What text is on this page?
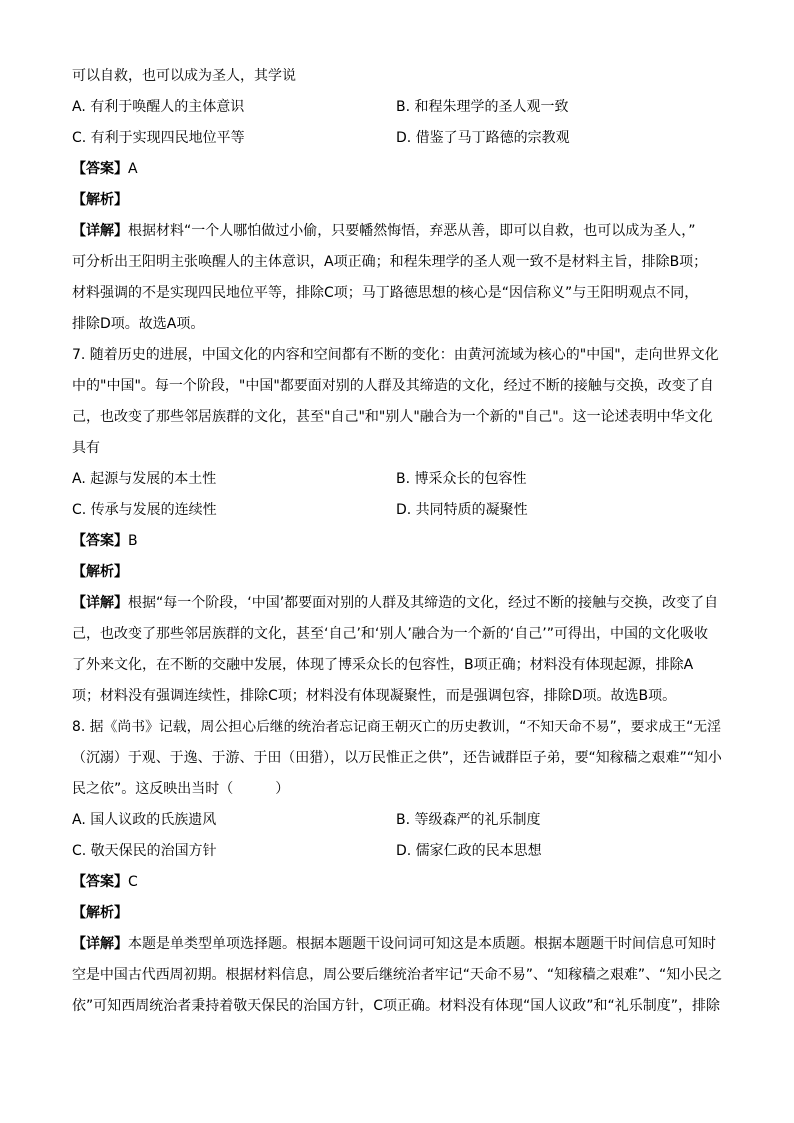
可以自救，也可以成为圣人，其学说
A. 有利于唤醒人的主体意识	B. 和程朱理学的圣人观一致
C. 有利于实现四民地位平等	D. 借鉴了马丁路德的宗教观
【答案】A
【解析】
【详解】根据材料“一个人哪怕做过小偷，只要幡然悔悟，弃恶从善，即可以自救，也可以成为圣人，”
可分析出王阳明主张唤醒人的主体意识，A项正确；和程朱理学的圣人观一致不是材料主旨，排除B项；
材料强调的不是实现四民地位平等，排除C项；马丁路德思想的核心是“因信称义”与王阳明观点不同，
排除D项。故选A项。
7. 随着历史的进展，中国文化的内容和空间都有不断的变化：由黄河流域为核心的"中国"，走向世界文化
中的"中国"。每一个阶段，"中国"都要面对别的人群及其缔造的文化，经过不断的接触与交换，改变了自
己，也改变了那些邻居族群的文化，甚至"自己"和"别人"融合为一个新的"自己"。这一论述表明中华文化
具有
A. 起源与发展的本土性	B. 博采众长的包容性
C. 传承与发展的连续性	D. 共同特质的凝聚性
【答案】B
【解析】
【详解】根据“每一个阶段，‘中国’都要面对别的人群及其缔造的文化，经过不断的接触与交换，改变了自
己，也改变了那些邻居族群的文化，甚至‘自己’和‘别人’融合为一个新的‘自己’”可得出，中国的文化吸收
了外来文化，在不断的交融中发展，体现了博采众长的包容性，B项正确；材料没有体现起源，排除A
项；材料没有强调连续性，排除C项；材料没有体现凝聚性，而是强调包容，排除D项。故选B项。
8. 据《尚书》记载，周公担心后继的统治者忘记商王朝灭亡的历史教训，“不知天命不易”，要求成王“无淫
（沉溺）于观、于逸、于游、于田（田猎），以万民惟正之供”，还告诫群臣子弟，要“知稼穑之艰难”“知小
民之依”。这反映出当时（　　　）
A. 国人议政的氏族遗风	B. 等级森严的礼乐制度
C. 敬天保民的治国方针	D. 儒家仁政的民本思想
【答案】C
【解析】
【详解】本题是单类型单项选择题。根据本题题干设问词可知这是本质题。根据本题题干时间信息可知时
空是中国古代西周初期。根据材料信息，周公要后继统治者牢记“天命不易”、“知稼穑之艰难”、“知小民之
依”可知西周统治者秉持着敬天保民的治国方针，C项正确。材料没有体现“国人议政”和“礼乐制度”，排除
